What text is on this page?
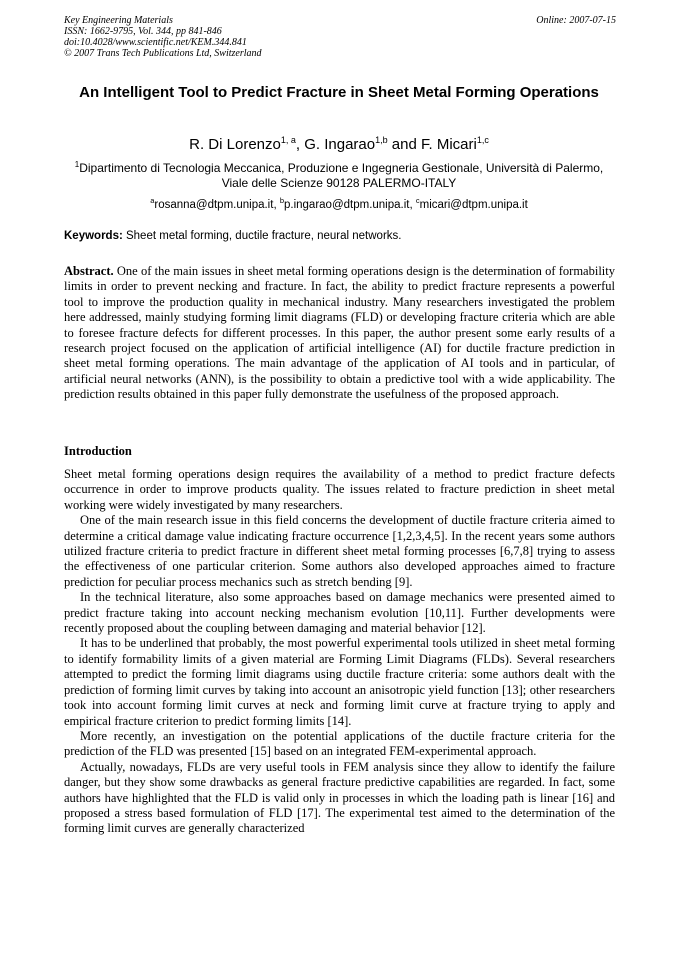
Key Engineering Materials
ISSN: 1662-9795, Vol. 344, pp 841-846
doi:10.4028/www.scientific.net/KEM.344.841
© 2007 Trans Tech Publications Ltd, Switzerland
Online: 2007-07-15
An Intelligent Tool to Predict Fracture in Sheet Metal Forming Operations
R. Di Lorenzo$^{1, a}$, G. Ingarao$^{1,b}$ and F. Micari$^{1,c}$
$^1$Dipartimento di Tecnologia Meccanica, Produzione e Ingegneria Gestionale, Università di Palermo, Viale delle Scienze 90128 PALERMO-ITALY
$^a$rosanna@dtpm.unipa.it, $^b$p.ingarao@dtpm.unipa.it, $^c$micari@dtpm.unipa.it
Keywords: Sheet metal forming, ductile fracture, neural networks.
Abstract. One of the main issues in sheet metal forming operations design is the determination of formability limits in order to prevent necking and fracture. In fact, the ability to predict fracture represents a powerful tool to improve the production quality in mechanical industry. Many researchers investigated the problem here addressed, mainly studying forming limit diagrams (FLD) or developing fracture criteria which are able to foresee fracture defects for different processes. In this paper, the author present some early results of a research project focused on the application of artificial intelligence (AI) for ductile fracture prediction in sheet metal forming operations. The main advantage of the application of AI tools and in particular, of artificial neural networks (ANN), is the possibility to obtain a predictive tool with a wide applicability. The prediction results obtained in this paper fully demonstrate the usefulness of the proposed approach.
Introduction

Sheet metal forming operations design requires the availability of a method to predict fracture defects occurrence in order to improve products quality. The issues related to fracture prediction in sheet metal working were widely investigated by many researchers.

One of the main research issue in this field concerns the development of ductile fracture criteria aimed to determine a critical damage value indicating fracture occurrence [1,2,3,4,5]. In the recent years some authors utilized fracture criteria to predict fracture in different sheet metal forming processes [6,7,8] trying to assess the effectiveness of one particular criterion. Some authors also developed approaches aimed to fracture prediction for peculiar process mechanics such as stretch bending [9].

In the technical literature, also some approaches based on damage mechanics were presented aimed to predict fracture taking into account necking mechanism evolution [10,11]. Further developments were recently proposed about the coupling between damaging and material behavior [12].

It has to be underlined that probably, the most powerful experimental tools utilized in sheet metal forming to identify formability limits of a given material are Forming Limit Diagrams (FLDs). Several researchers attempted to predict the forming limit diagrams using ductile fracture criteria: some authors dealt with the prediction of forming limit curves by taking into account an anisotropic yield function [13]; other researchers took into account forming limit curves at neck and forming limit curve at fracture trying to apply and empirical fracture criterion to predict forming limits [14].

More recently, an investigation on the potential applications of the ductile fracture criteria for the prediction of the FLD was presented [15] based on an integrated FEM-experimental approach.

Actually, nowadays, FLDs are very useful tools in FEM analysis since they allow to identify the failure danger, but they show some drawbacks as general fracture predictive capabilities are regarded. In fact, some authors have highlighted that the FLD is valid only in processes in which the loading path is linear [16] and proposed a stress based formulation of FLD [17]. The experimental test aimed to the determination of the forming limit curves are generally characterized
